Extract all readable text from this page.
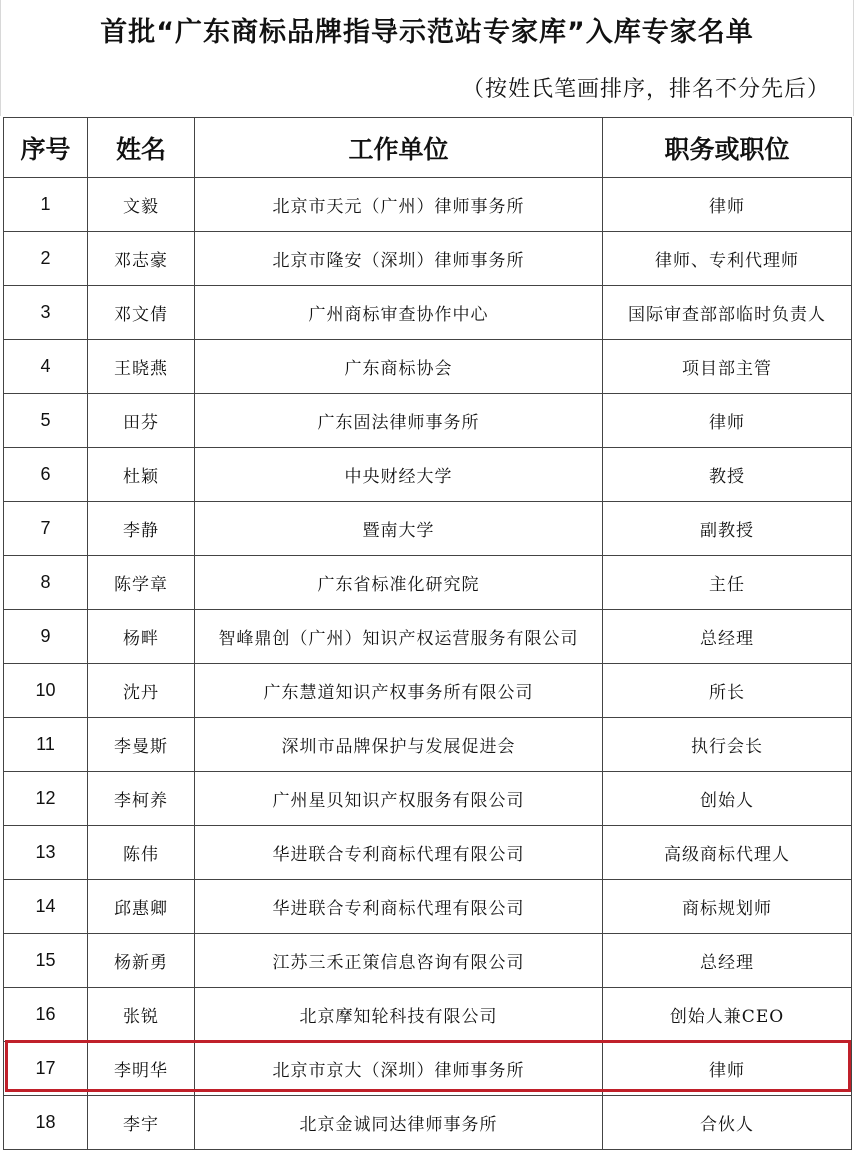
首批“广东商标品牌指导示范站专家库”入库专家名单
（按姓氏笔画排序，排名不分先后）
序号	姓名	工作单位	职务或职位
1	文毅	北京市天元（广州）律师事务所	律师
2	邓志豪	北京市隆安（深圳）律师事务所	律师、专利代理师
3	邓文倩	广州商标审查协作中心	国际审查部部临时负责人
4	王晓燕	广东商标协会	项目部主管
5	田芬	广东固法律师事务所	律师
6	杜颖	中央财经大学	教授
7	李静	暨南大学	副教授
8	陈学章	广东省标准化研究院	主任
9	杨畔	智峰鼎创（广州）知识产权运营服务有限公司	总经理
10	沈丹	广东慧道知识产权事务所有限公司	所长
11	李曼斯	深圳市品牌保护与发展促进会	执行会长
12	李柯养	广州星贝知识产权服务有限公司	创始人
13	陈伟	华进联合专利商标代理有限公司	高级商标代理人
14	邱惠卿	华进联合专利商标代理有限公司	商标规划师
15	杨新勇	江苏三禾正策信息咨询有限公司	总经理
16	张锐	北京摩知轮科技有限公司	创始人兼CEO
17	李明华	北京市京大（深圳）律师事务所	律师
18	李宇	北京金诚同达律师事务所	合伙人
